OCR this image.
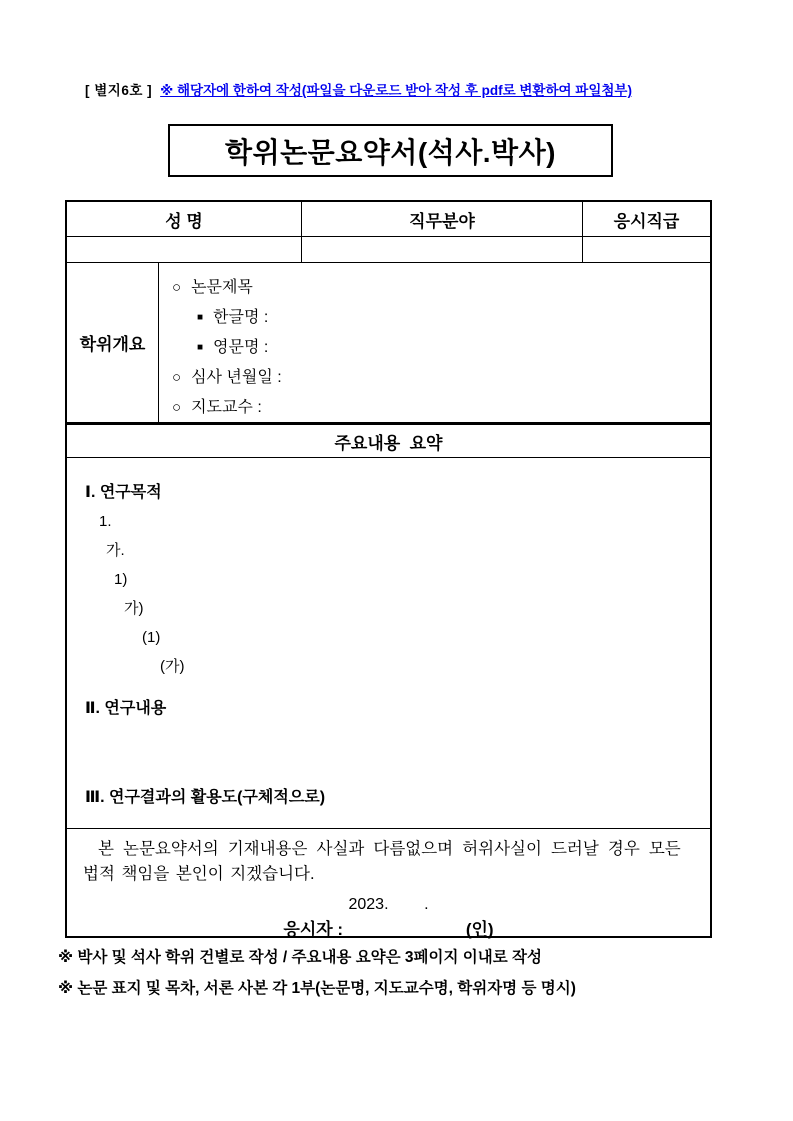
[ 별지6호 ] ※ 해당자에 한하여 작성(파일을 다운로드 받아 작성 후 pdf로 변환하여 파일첨부)
학위논문요약서(석사.박사)
성 명	직무분야	응시직급
학위개요
○ 논문제목
■ 한글명 :
■ 영문명 :
○ 심사 년월일 :
○ 지도교수 :
주요내용  요약
Ⅰ. 연구목적
1.
가.
1)
가)
(1)
(가)
Ⅱ. 연구내용
Ⅲ. 연구결과의 활용도(구체적으로)
본 논문요약서의 기재내용은 사실과 다름없으며 허위사실이 드러날 경우 모든
법적 책임을 본인이 지겠습니다.
2023.        .
응시자 :                          (인)
※ 박사 및 석사 학위 건별로 작성 / 주요내용 요약은 3페이지 이내로 작성
※ 논문 표지 및 목차, 서론 사본 각 1부(논문명, 지도교수명, 학위자명 등 명시)
